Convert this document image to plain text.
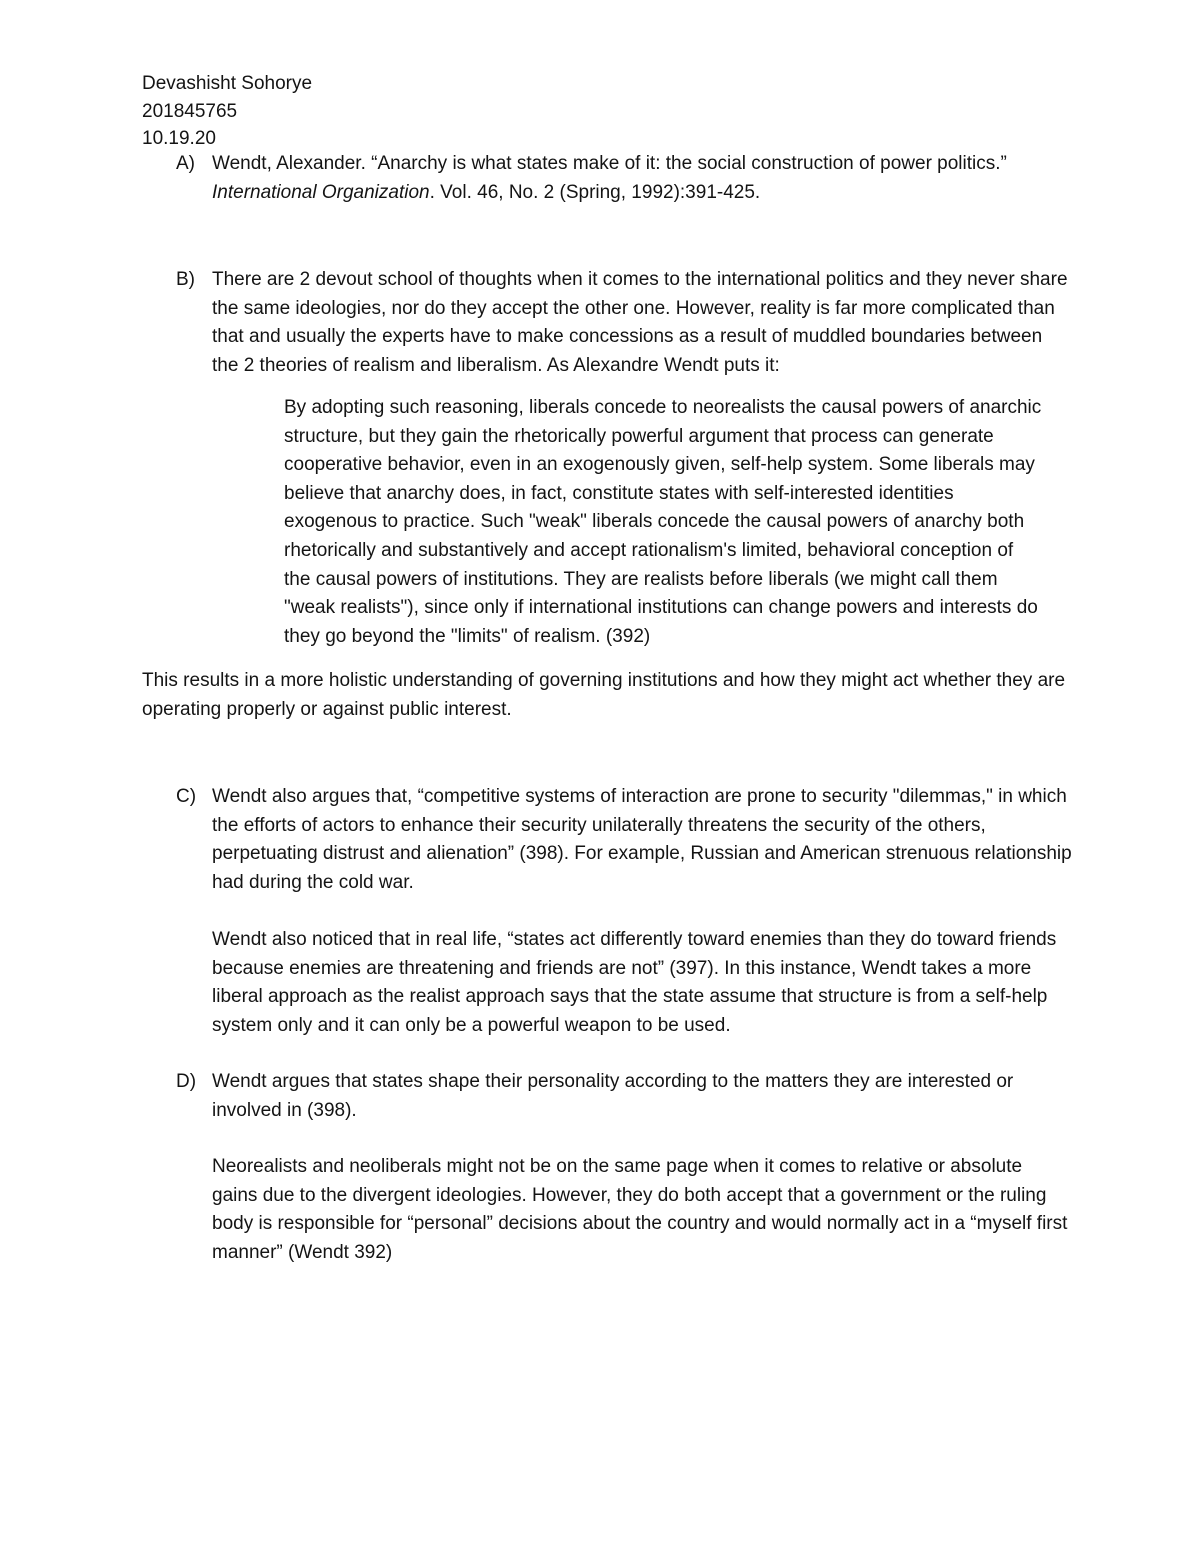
Devashisht Sohorye
201845765
10.19.20
A) Wendt, Alexander. “Anarchy is what states make of it: the social construction of power politics.” International Organization. Vol. 46, No. 2 (Spring, 1992):391-425.
B) There are 2 devout school of thoughts when it comes to the international politics and they never share the same ideologies, nor do they accept the other one. However, reality is far more complicated than that and usually the experts have to make concessions as a result of muddled boundaries between the 2 theories of realism and liberalism. As Alexandre Wendt puts it:

By adopting such reasoning, liberals concede to neorealists the causal powers of anarchic structure, but they gain the rhetorically powerful argument that process can generate cooperative behavior, even in an exogenously given, self-help system. Some liberals may believe that anarchy does, in fact, constitute states with self-interested identities exogenous to practice. Such "weak" liberals concede the causal powers of anarchy both rhetorically and substantively and accept rationalism's limited, behavioral conception of the causal powers of institutions. They are realists before liberals (we might call them "weak realists"), since only if international institutions can change powers and interests do they go beyond the "limits" of realism. (392)

This results in a more holistic understanding of governing institutions and how they might act whether they are operating properly or against public interest.

C) Wendt also argues that, “competitive systems of interaction are prone to security "dilemmas," in which the efforts of actors to enhance their security unilaterally threatens the security of the others, perpetuating distrust and alienation” (398). For example, Russian and American strenuous relationship had during the cold war.

Wendt also noticed that in real life, “states act differently toward enemies than they do toward friends because enemies are threatening and friends are not” (397). In this instance, Wendt takes a more liberal approach as the realist approach says that the state assume that structure is from a self-help system only and it can only be a powerful weapon to be used.

D) Wendt argues that states shape their personality according to the matters they are interested or involved in (398).

Neorealists and neoliberals might not be on the same page when it comes to relative or absolute gains due to the divergent ideologies. However, they do both accept that a government or the ruling body is responsible for “personal” decisions about the country and would normally act in a “myself first manner” (Wendt 392)
